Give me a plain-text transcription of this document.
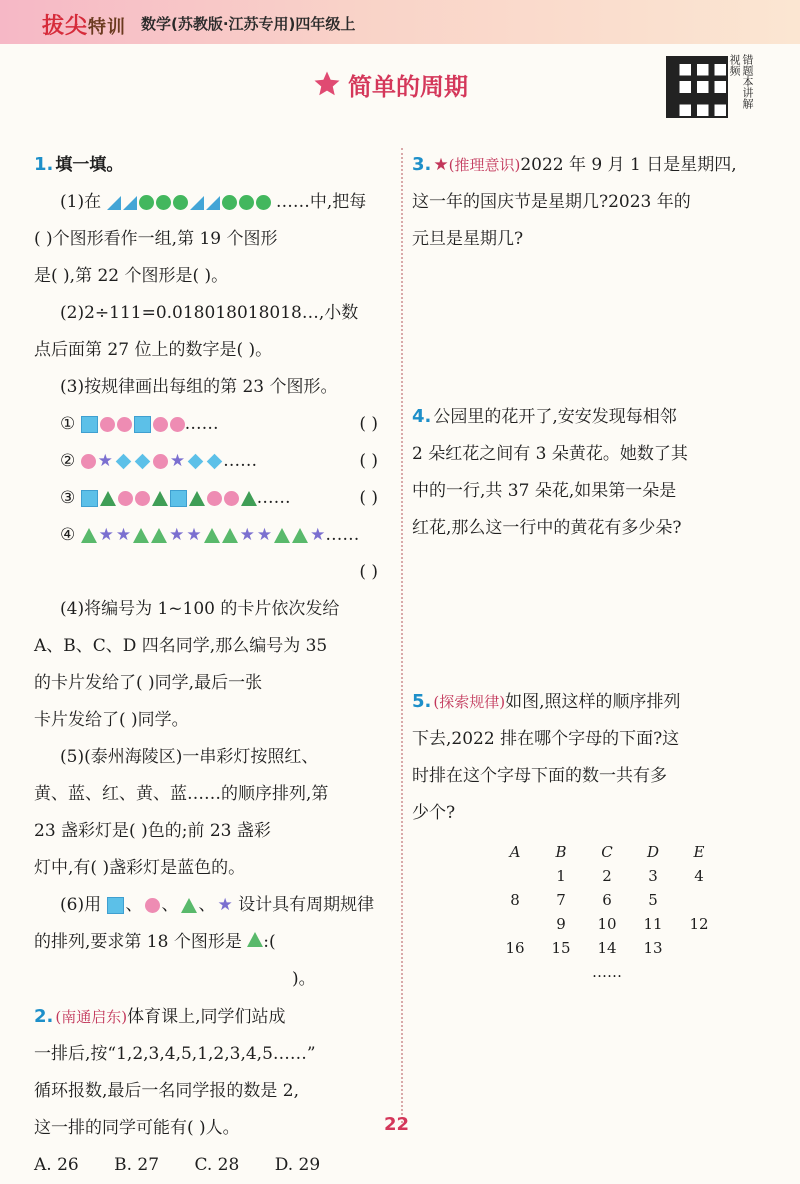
拔尖特训 数学(苏教版·江苏专用)四年级上
简单的周期	错题本讲解视频
1. 填一填。
(1)在	……中,把每
( )个图形看作一组,第 19 个图形
是( ),第 22 个图形是( )。
(2)2÷111=0.018018018018…,小数
点后面第 27 位上的数字是( )。
(3)按规律画出每组的第 23 个图形。
①	……	( )
② ★	★ ……	( )
③	……	( )
④ ★ ★ ★ ★ ★ ★ ★ ……
( )
(4)将编号为 1~100 的卡片依次发给
A、B、C、D 四名同学,那么编号为 35
的卡片发给了( )同学,最后一张
卡片发给了( )同学。
(5)(泰州海陵区)一串彩灯按照红、
黄、蓝、红、黄、蓝……的顺序排列,第
23 盏彩灯是( )色的;前 23 盏彩
灯中,有( )盏彩灯是蓝色的。
(6)用 、
、
、 ★ 设计具有周期规律
的排列,要求第 18 个图形是 :(
)。
2. (南通启东)体育课上,同学们站成
一排后,按“1,2,3,4,5,1,2,3,4,5……”
循环报数,最后一名同学报的数是 2,
这一排的同学可能有( )人。
A. 26 B. 27 C. 28 D. 29
3. ★(推理意识)2022 年 9 月 1 日是星期四,
这一年的国庆节是星期几?2023 年的
元旦是星期几?
4. 公园里的花开了,安安发现每相邻
2 朵红花之间有 3 朵黄花。她数了其
中的一行,共 37 朵花,如果第一朵是
红花,那么这一行中的黄花有多少朵?
5. (探索规律)如图,照这样的顺序排列
下去,2022 排在哪个字母的下面?这
时排在这个字母下面的数一共有多
少个?
A	B	C	D	E
	1	2	3	4
8	7	6	5	
	9	10	11	12
16	15	14	13	
		……		
22
